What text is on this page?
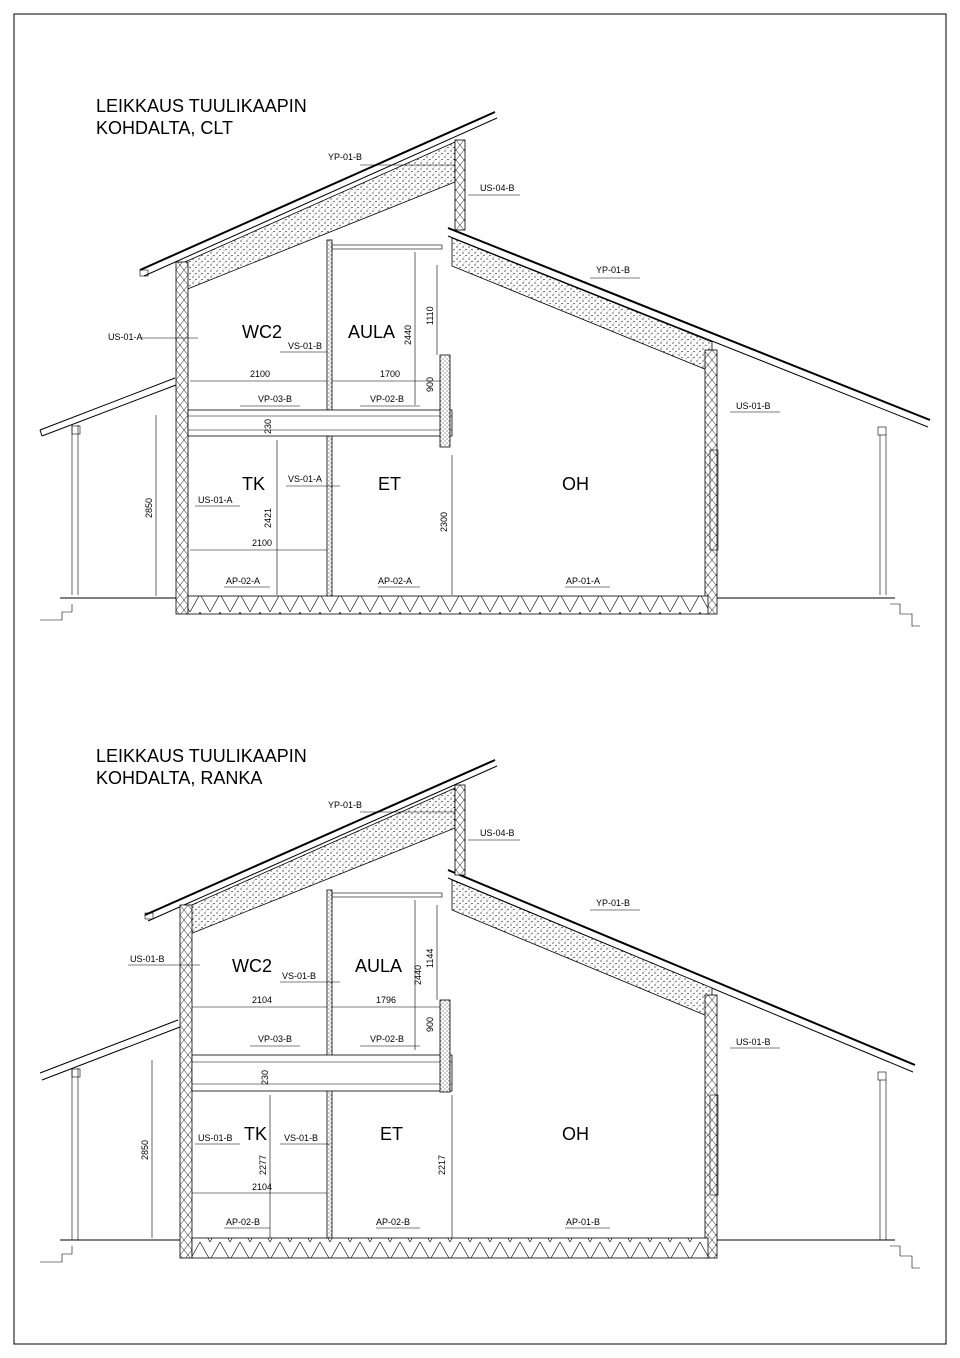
LEIKKAUS TUULIKAAPIN
KOHDALTA, CLT
YP-01-B
US-04-B
YP-01-B
US-01-A
VS-01-B
VP-03-B	VP-02-B
US-01-B
US-01-A
VS-01-A
AP-02-A	AP-02-A	AP-01-A
WC2	AULA
TK	ET	OH
2100	1700
2440
1110
900
230
2850	2421	2300
2100
LEIKKAUS TUULIKAAPIN
KOHDALTA, RANKA
YP-01-B
US-04-B
YP-01-B
US-01-B
VS-01-B
VP-03-B	VP-02-B	US-01-B
US-01-B	VS-01-B
AP-02-B	AP-02-B	AP-01-B
WC2	AULA
TK	ET	OH
2104	1796
2440
1144
900
230
2850
2277	2217
2104
